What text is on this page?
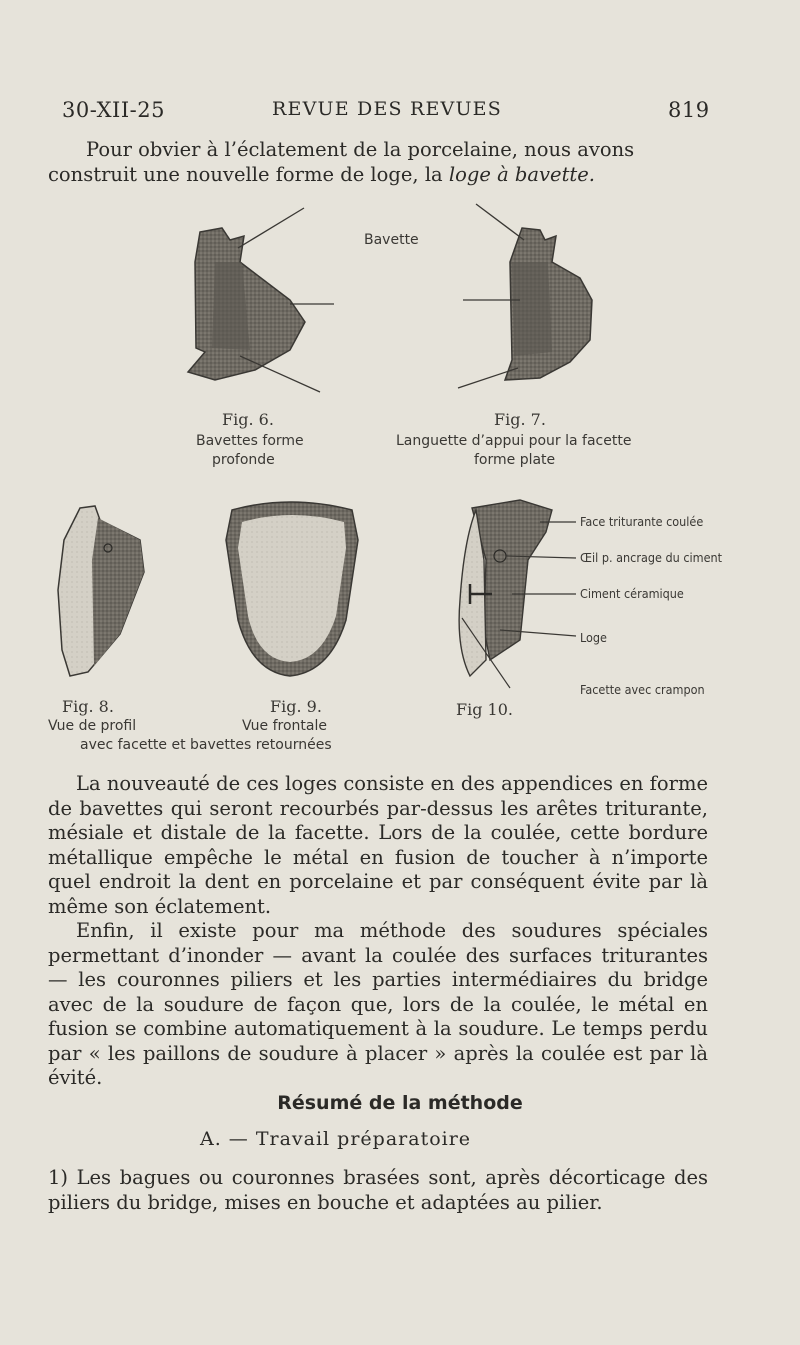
30-XII-25	REVUE DES REVUES	819
Pour obvier à l’éclatement de la porcelaine, nous avons
construit une nouvelle forme de loge, la loge à bavette.
Bavette
Fig. 6.
Bavettes forme
profonde
Fig. 7.
Languette d’appui pour la facette
forme plate
Face triturante coulée
Œil p. ancrage du ciment
Ciment céramique
Loge
Facette avec crampon
Fig. 8.	Fig. 9.	Fig 10.
Vue de profil	Vue frontale
avec facette et bavettes retournées

La nouveauté de ces loges consiste en des appendices en forme de bavettes qui seront recourbés par-dessus les arêtes triturante, mésiale et distale de la facette. Lors de la coulée, cette bordure métallique empêche le métal en fusion de toucher à n’importe quel endroit la dent en porcelaine et par conséquent évite par là même son éclatement.

Enfin, il existe pour ma méthode des soudures spéciales permettant d’inonder — avant la coulée des surfaces triturantes — les couronnes piliers et les parties intermédiaires du bridge avec de la soudure de façon que, lors de la coulée, le métal en fusion se combine automatiquement à la soudure. Le temps perdu par « les paillons de soudure à placer » après la coulée est par là évité.

Résumé de la méthode
A. — Travail préparatoire
1) Les bagues ou couronnes brasées sont, après décorticage des piliers du bridge, mises en bouche et adaptées au pilier.
